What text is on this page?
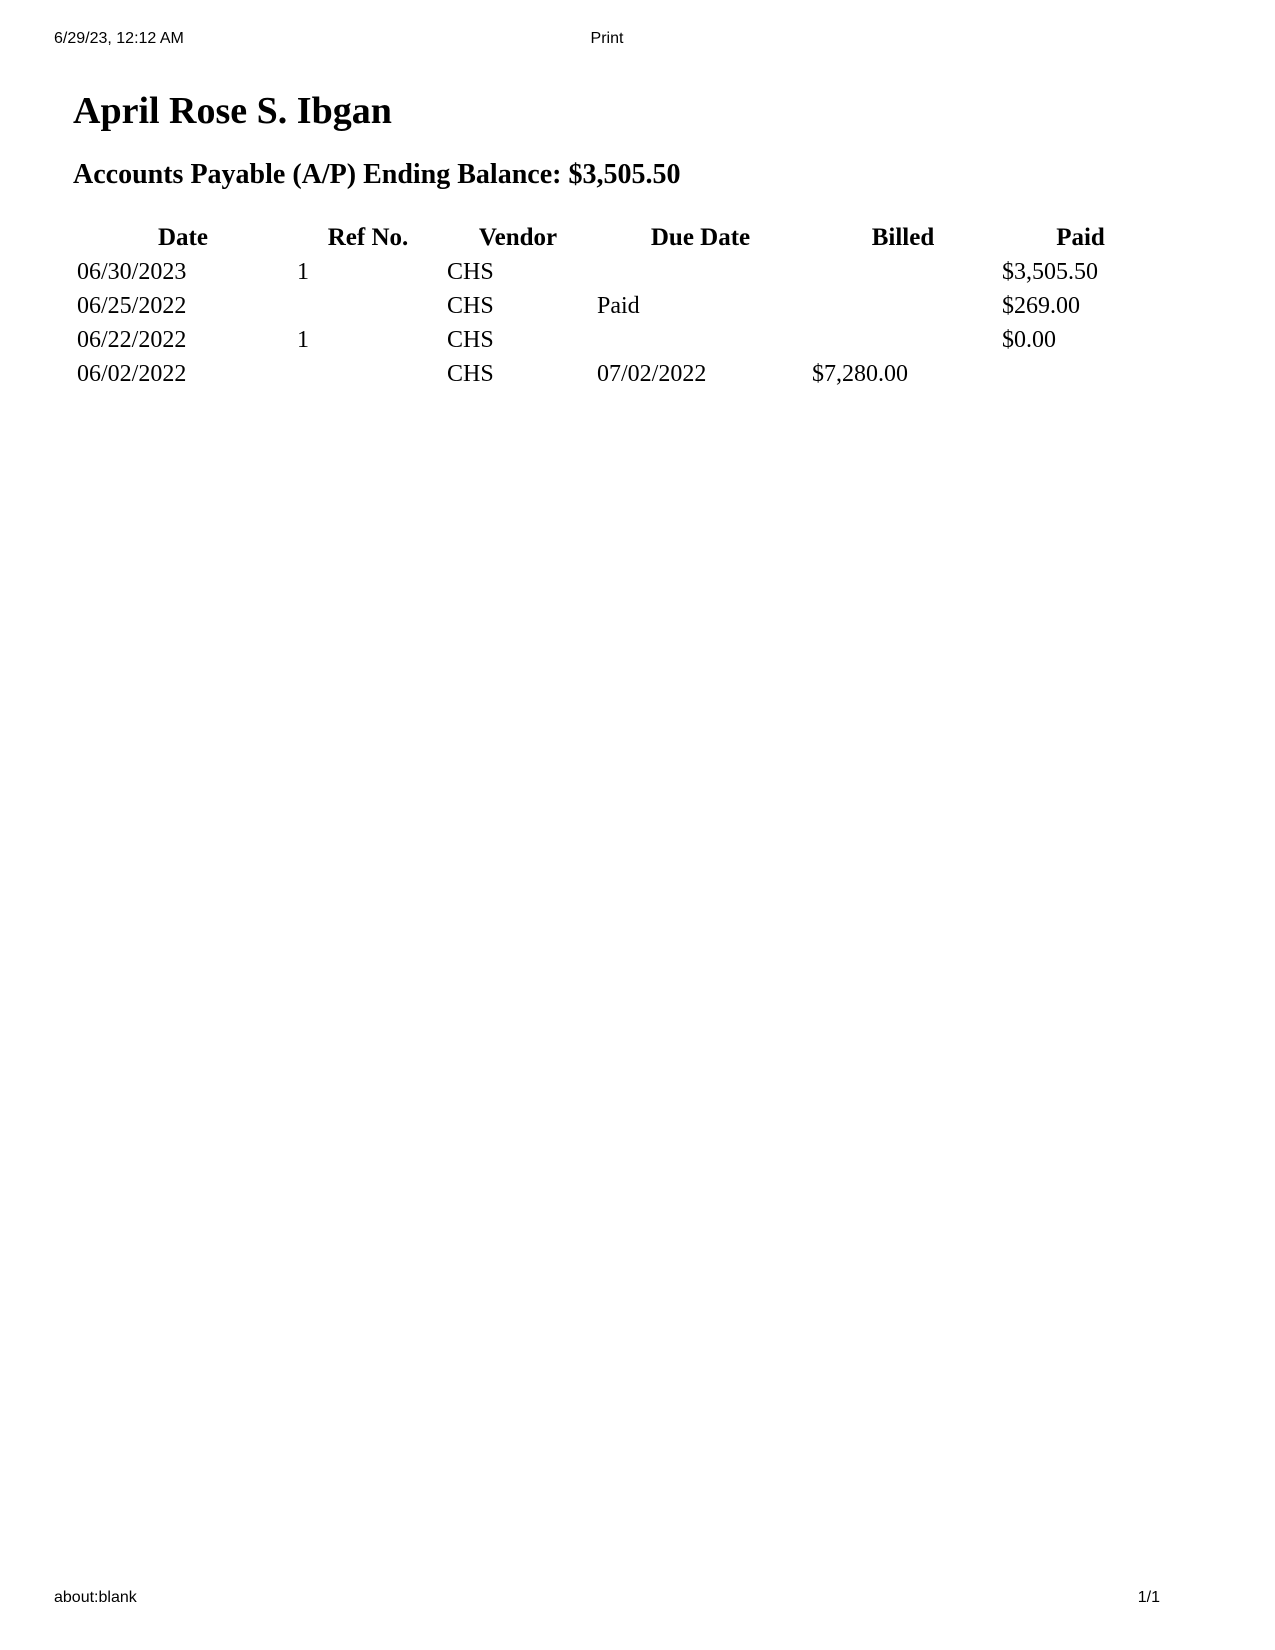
6/29/23, 12:12 AM	Print
April Rose S. Ibgan
Accounts Payable (A/P) Ending Balance: $3,505.50
Date	Ref No.	Vendor	Due Date	Billed	Paid
06/30/2023	1	CHS			$3,505.50
06/25/2022		CHS	Paid		$269.00
06/22/2022	1	CHS			$0.00
06/02/2022		CHS	07/02/2022	$7,280.00	
about:blank	1/1
